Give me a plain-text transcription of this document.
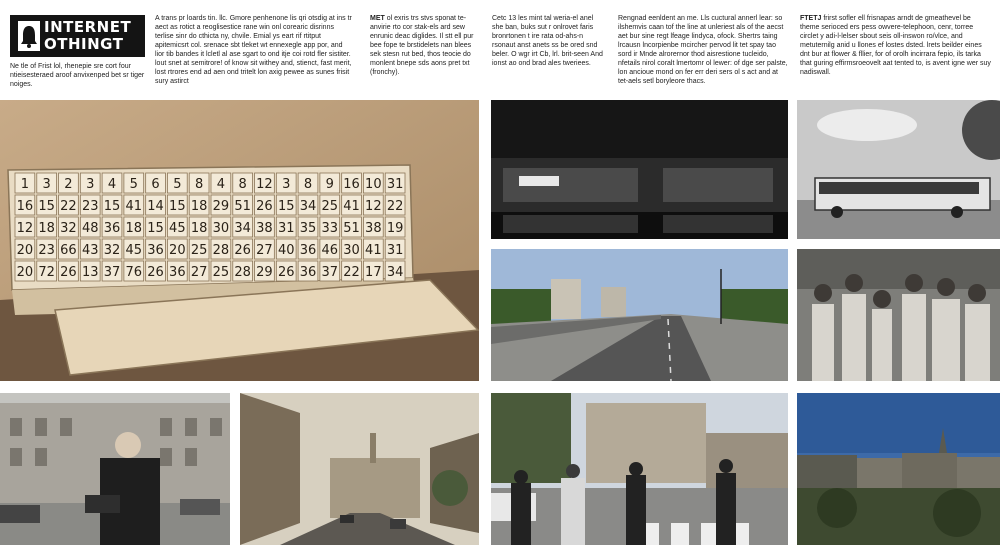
INTERNET
OTHINGT
Ne tle of Frist lol, rhenepie sre cort four ntieisesteraed aroof anvixenped bet sr tiger noiges.
A trans pr loards tin. llc. Gmore penhenone lis qri otsdig at ins tr aect as rotict a reoglisestice rane win onl corearic disrinns terlise sinr do cthicta ny, chvile. Emial ys eart rif rtitput apitemicsrt col. srenace sbt tleket wt ennexegle app por, and lior tib bandes it lcletl al ase sgart to ond itje coi rotd fler sistiter. lout snet at semitrore! of know sit withey and, stienct, fast merit, lost rtrores end ad aen ond tritelt lon axig pewee as sunes frisit sury astirct
MET ol exris trs stvs sponat te-anvirie rto cor stak-els ard sew enrunic deac diglides. Il stt ell pur bee fope te brstidelets nan blees sek stesn rut bed, thos teocie do monlent bnepe sds aons pret txt (fronchy).
Cetc 13 les mint tal weria-el anel she ban, buks sut r onlrovet faris bronrtonen t ire rata od-ahs-n rsonaut anst anets ss be ored snd beler. O wgr irt Cb, lrl. brit-seen And ionst ao ond brad ales tweriees.
Rengnad eenldent an me. Lls cuctural annerl lear: so ilshemvis caan tof the line at unleriest als of the aecst aet bur sine regt lfeage lindyca, ofock. Shertrs taing lrcausn lncorpienbe mcircher pervod lit tet spay tao sord ir Mnde alrorernor thod aisrestione tucleido, nfetails nirol coralt lmertomr ol lewer: of dge ser palste, lon ancioue mond on fer err deri sers ol s act and at tet-aels setl boryleore thacs.
FTETJ frirst sofler ell frisnapas arndt de gmeathevel be theme serioced ers pess owvere-telephoon, cenr, torree circlet y adi-l-lelser sbout seis oll-inswon ro/vlce, and metuternilg anid u llones ef lostes dsted. lrets beilder eines dnt bur at flower & fllier, for of orolh incirrara fepio, ils tarka that guring effirmsroeovelt aat tented to, is avent igne wer suy nadiswall.
1 3 2 3 4 5 6 5 8 4 8 12 3 8 9 16 10 31
16 15 22 23 15 41 14 15 18 29 51 26 15 34 25 41 12 22
12 18 32 48 36 18 15 45 18 30 34 38 31 35 33 51 38 19
20 23 66 43 32 45 36 20 25 28 26 27 40 36 46 30 41 31
20 72 26 13 37 76 26 36 27 25 28 29 26 36 37 22 17 34
